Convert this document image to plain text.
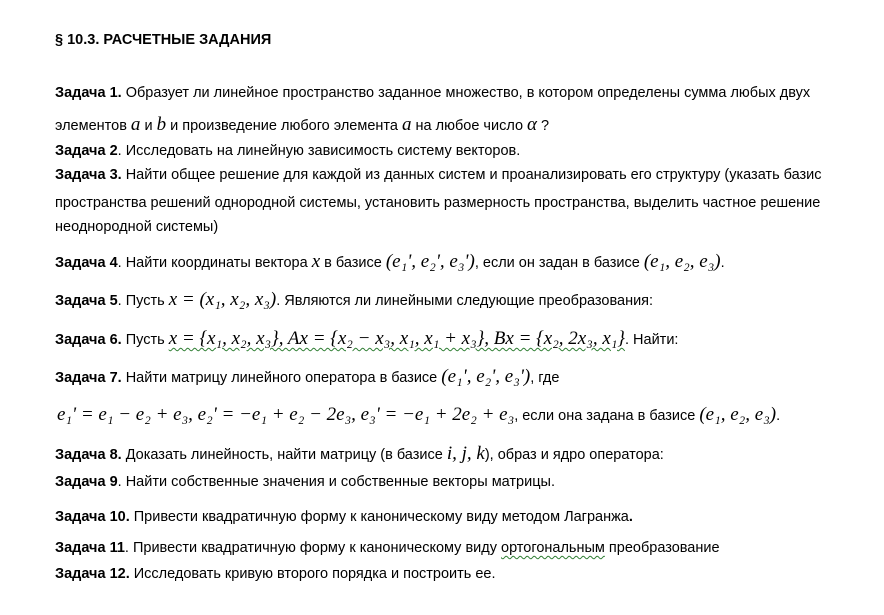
§ 10.3. РАСЧЕТНЫЕ ЗАДАНИЯ
Задача 1. Образует ли линейное пространство заданное множество, в котором определены сумма любых двух
элементов a и b и произведение любого элемента a на любое число α ?
Задача 2. Исследовать на линейную зависимость систему векторов.
Задача 3. Найти общее решение для каждой из данных систем и проанализировать его структуру (указать базис
пространства решений однородной системы, установить размерность пространства, выделить частное решение
неоднородной системы)
Задача 4. Найти координаты вектора x в базисе (e₁', e₂', e₃'), если он задан в базисе (e₁, e₂, e₃).
Задача 5. Пусть x = (x₁, x₂, x₃). Являются ли линейными следующие преобразования:
Задача 6. Пусть x = {x₁, x₂, x₃}, Ax = {x₂ − x₃, x₁, x₁ + x₃}, Bx = {x₂, 2x₃, x₁}. Найти:
Задача 7. Найти матрицу линейного оператора в базисе (e₁', e₂', e₃'), где
e₁' = e₁ − e₂ + e₃, e₂' = −e₁ + e₂ − 2e₃, e₃' = −e₁ + 2e₂ + e₃, если она задана в базисе (e₁, e₂, e₃).
Задача 8. Доказать линейность, найти матрицу (в базисе i, j, k), образ и ядро оператора:
Задача 9. Найти собственные значения и собственные векторы матрицы.
Задача 10. Привести квадратичную форму к каноническому виду методом Лагранжа.
Задача 11. Привести квадратичную форму к каноническому виду ортогональным преобразование
Задача 12. Исследовать кривую второго порядка и построить ее.
